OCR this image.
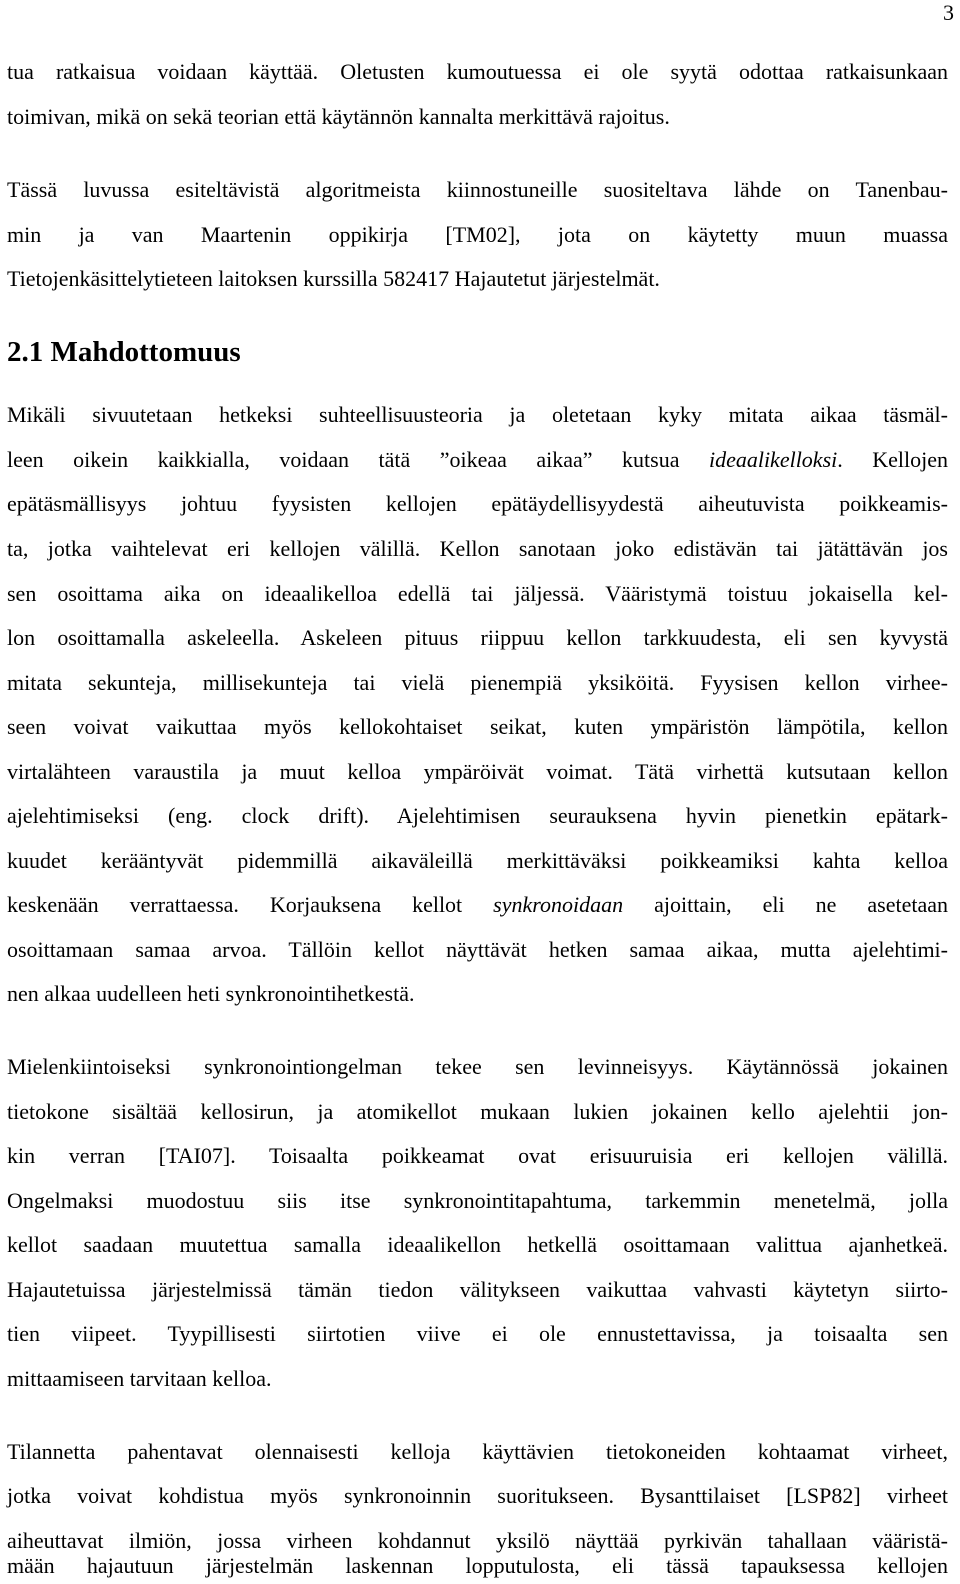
3
tua ratkaisua voidaan käyttää. Oletusten kumoutuessa ei ole syytä odottaa ratkaisunkaan
toimivan, mikä on sekä teorian että käytännön kannalta merkittävä rajoitus.
Tässä luvussa esiteltävistä algoritmeista kiinnostuneille suositeltava lähde on Tanenbau-
min ja van Maartenin oppikirja [TM02], jota on käytetty muun muassa
Tietojenkäsittelytieteen laitoksen kurssilla 582417 Hajautetut järjestelmät.
2.1 Mahdottomuus
Mikäli sivuutetaan hetkeksi suhteellisuusteoria ja oletetaan kyky mitata aikaa täsmäl-
leen oikein kaikkialla, voidaan tätä ”oikeaa aikaa” kutsua ideaalikelloksi. Kellojen
epätäsmällisyys johtuu fyysisten kellojen epätäydellisyydestä aiheutuvista poikkeamis-
ta, jotka vaihtelevat eri kellojen välillä. Kellon sanotaan joko edistävän tai jätättävän jos
sen osoittama aika on ideaalikelloa edellä tai jäljessä. Vääristymä toistuu jokaisella kel-
lon osoittamalla askeleella. Askeleen pituus riippuu kellon tarkkuudesta, eli sen kyvystä
mitata sekunteja, millisekunteja tai vielä pienempiä yksiköitä. Fyysisen kellon virhee-
seen voivat vaikuttaa myös kellokohtaiset seikat, kuten ympäristön lämpötila, kellon
virtalähteen varaustila ja muut kelloa ympäröivät voimat. Tätä virhettä kutsutaan kellon
ajelehtimiseksi (eng. clock drift). Ajelehtimisen seurauksena hyvin pienetkin epätark-
kuudet kerääntyvät pidemmillä aikaväleillä merkittäväksi poikkeamiksi kahta kelloa
keskenään verrattaessa. Korjauksena kellot synkronoidaan ajoittain, eli ne asetetaan
osoittamaan samaa arvoa. Tällöin kellot näyttävät hetken samaa aikaa, mutta ajelehtimi-
nen alkaa uudelleen heti synkronointihetkestä.
Mielenkiintoiseksi synkronointiongelman tekee sen levinneisyys. Käytännössä jokainen
tietokone sisältää kellosirun, ja atomikellot mukaan lukien jokainen kello ajelehtii jon-
kin verran [TAI07]. Toisaalta poikkeamat ovat erisuuruisia eri kellojen välillä.
Ongelmaksi muodostuu siis itse synkronointitapahtuma, tarkemmin menetelmä, jolla
kellot saadaan muutettua samalla ideaalikellon hetkellä osoittamaan valittua ajanhetkeä.
Hajautetuissa järjestelmissä tämän tiedon välitykseen vaikuttaa vahvasti käytetyn siirto-
tien viipeet. Tyypillisesti siirtotien viive ei ole ennustettavissa, ja toisaalta sen
mittaamiseen tarvitaan kelloa.
Tilannetta pahentavat olennaisesti kelloja käyttävien tietokoneiden kohtaamat virheet,
jotka voivat kohdistua myös synkronoinnin suoritukseen. Bysanttilaiset [LSP82] virheet
aiheuttavat ilmiön, jossa virheen kohdannut yksilö näyttää pyrkivän tahallaan vääristä-
mään hajautuun järjestelmän laskennan lopputulosta, eli tässä tapauksessa kellojen
